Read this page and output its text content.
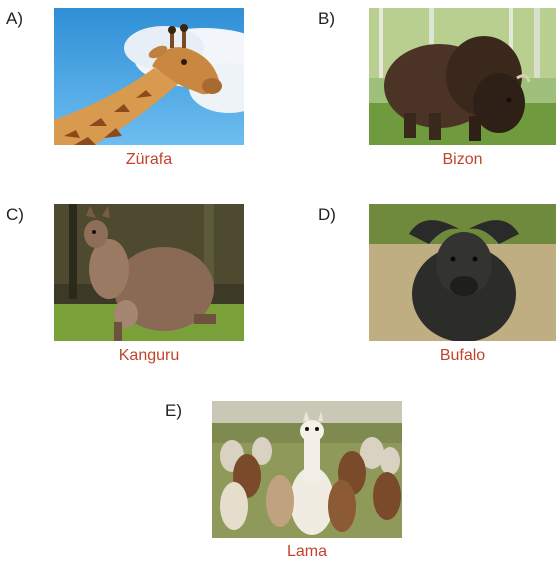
A)
Zürafa
B)
Bizon
C)
Kanguru
D)
Bufalo
E)
Lama
